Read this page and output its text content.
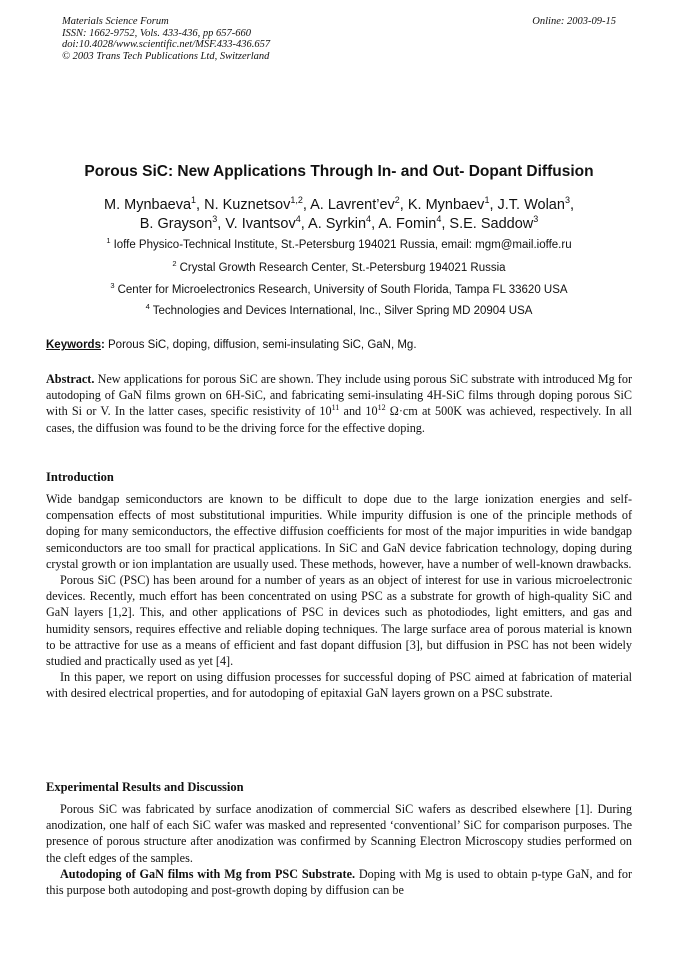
Materials Science Forum
ISSN: 1662-9752, Vols. 433-436, pp 657-660
doi:10.4028/www.scientific.net/MSF.433-436.657
© 2003 Trans Tech Publications Ltd, Switzerland
Online: 2003-09-15
Porous SiC: New Applications Through In- and Out- Dopant Diffusion
M. Mynbaeva$^1$, N. Kuznetsov$^{1,2}$, A. $Lavrent’ev^2$, K. Mynbaev$^1$, J.T. Wolan$^3$,
B. Grayson$^3$, V. Ivantsov$^4$, A. Syrkin$^4$, A. Fomin$^4$, S.E. Saddow$^3$
$^1$ Ioffe Physico-Technical Institute, St.-Petersburg 194021 Russia, email: mgm@mail.ioffe.ru
$^2$ Crystal Growth Research Center, St.-Petersburg 194021 Russia
$^3$ Center for Microelectronics Research, University of South Florida, Tampa FL 33620 USA
$^4$ Technologies and Devices International, Inc., Silver Spring MD 20904 USA
Keywords: Porous SiC, doping, diffusion, semi-insulating SiC, GaN, Mg.

Abstract. New applications for porous SiC are shown. They include using porous SiC substrate with introduced Mg for autodoping of GaN films grown on 6H-SiC, and fabricating semi-insulating 4H-SiC films through doping porous SiC with Si or V. In the latter cases, specific resistivity of $10^{11}$ and $10^{12}$ Ω·cm at 500K was achieved, respectively. In all cases, the diffusion was found to be the driving force for the effective doping.

Introduction

Wide bandgap semiconductors are known to be difficult to dope due to the large ionization energies and self-compensation effects of most substitutional impurities. While impurity diffusion is one of the principle methods of doping for many semiconductors, the effective diffusion coefficients for most of the major impurities in wide bandgap semiconductors are too small for practical applications. In SiC and GaN device fabrication technology, doping during crystal growth or ion implantation are usually used. These methods, however, have a number of well-known drawbacks.

Porous SiC (PSC) has been around for a number of years as an object of interest for use in various microelectronic devices. Recently, much effort has been concentrated on using PSC as a substrate for growth of high-quality SiC and GaN layers [1,2]. This, and other applications of PSC in devices such as photodiodes, light emitters, and gas and humidity sensors, requires effective and reliable doping techniques. The large surface area of porous material is known to be attractive for use as a means of efficient and fast dopant diffusion [3], but diffusion in PSC has not been widely studied and practically used as yet [4].

In this paper, we report on using diffusion processes for successful doping of PSC aimed at fabrication of material with desired electrical properties, and for autodoping of epitaxial GaN layers grown on a PSC substrate.

Experimental Results and Discussion

Porous SiC was fabricated by surface anodization of commercial SiC wafers as described elsewhere [1]. During anodization, one half of each SiC wafer was masked and represented ‘conventional’ SiC for comparison purposes. The presence of porous structure after anodization was confirmed by Scanning Electron Microscopy studies performed on the cleft edges of the samples.

Autodoping of GaN films with Mg from PSC Substrate. Doping with Mg is used to obtain p-type GaN, and for this purpose both autodoping and post-growth doping by diffusion can be
